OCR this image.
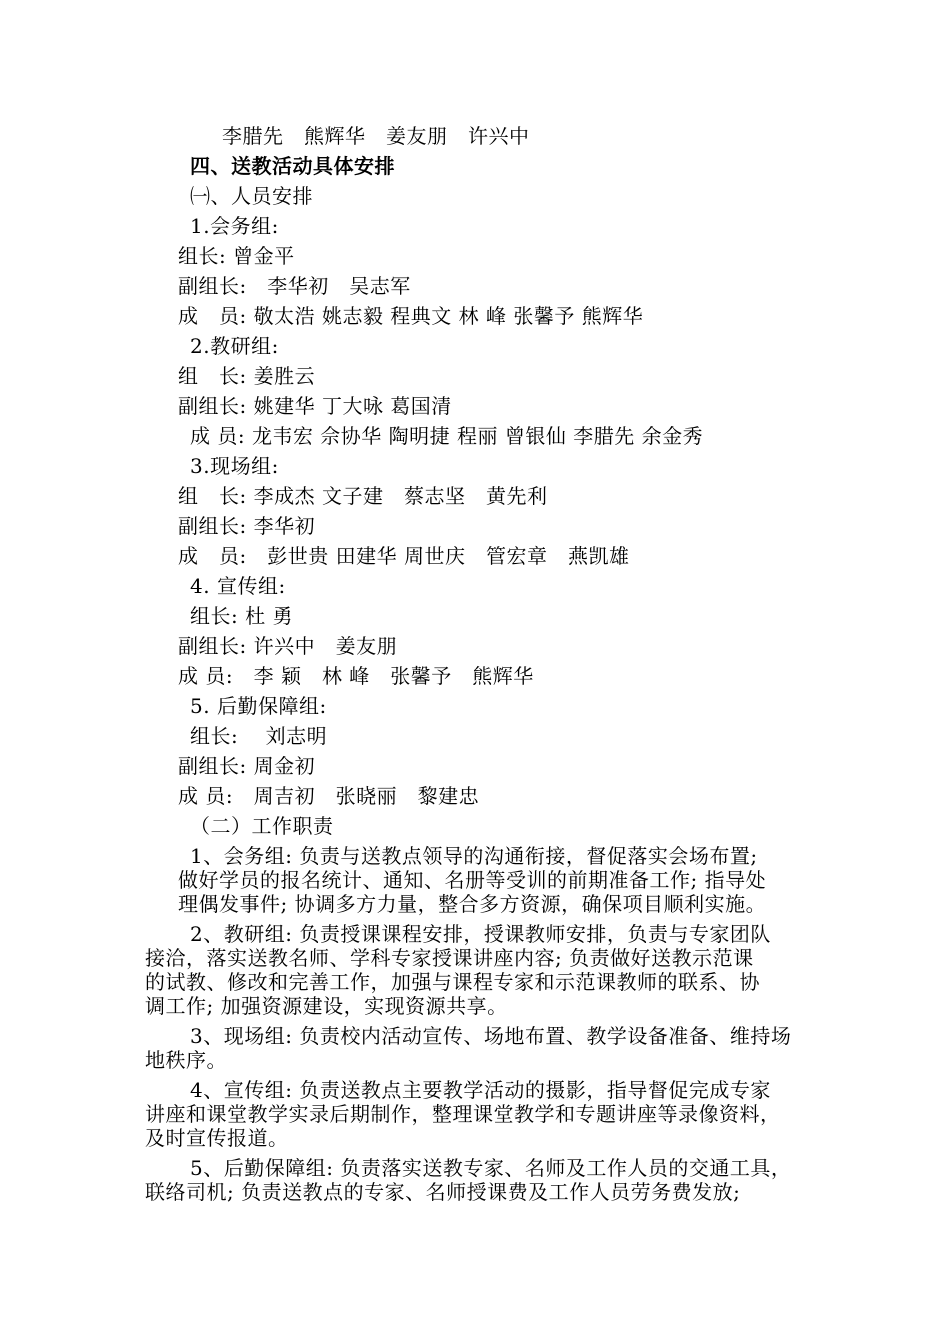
李腊先　熊辉华　姜友朋　许兴中
四、送教活动具体安排
㈠、人员安排
1.会务组:
组长: 曾金平
副组长:　李华初　吴志军
成　员: 敬太浩 姚志毅 程典文 林 峰 张馨予 熊辉华
2.教研组:
组　长: 姜胜云
副组长: 姚建华 丁大咏 葛国清
成 员: 龙韦宏 佘协华 陶明捷 程丽 曾银仙 李腊先 余金秀
3.现场组:
组　长: 李成杰 文子建　蔡志坚　黄先利
副组长: 李华初
成　员:　彭世贵 田建华 周世庆　管宏章　燕凯雄
4. 宣传组:
组长: 杜 勇
副组长: 许兴中　姜友朋
成 员:　李 颖　林 峰　张馨予　熊辉华
5. 后勤保障组:
组长:　 刘志明
副组长: 周金初
成 员:　周吉初　张晓丽　黎建忠
（二）工作职责
1、会务组: 负责与送教点领导的沟通衔接，督促落实会场布置;
做好学员的报名统计、通知、名册等受训的前期准备工作; 指导处
理偶发事件; 协调多方力量，整合多方资源，确保项目顺利实施。
2、教研组: 负责授课课程安排，授课教师安排，负责与专家团队
接洽，落实送教名师、学科专家授课讲座内容; 负责做好送教示范课
的试教、修改和完善工作，加强与课程专家和示范课教师的联系、协
调工作; 加强资源建设，实现资源共享。
3、现场组: 负责校内活动宣传、场地布置、教学设备准备、维持场
地秩序。
4、宣传组: 负责送教点主要教学活动的摄影，指导督促完成专家
讲座和课堂教学实录后期制作，整理课堂教学和专题讲座等录像资料，
及时宣传报道。
5、后勤保障组: 负责落实送教专家、名师及工作人员的交通工具，
联络司机; 负责送教点的专家、名师授课费及工作人员劳务费发放;
